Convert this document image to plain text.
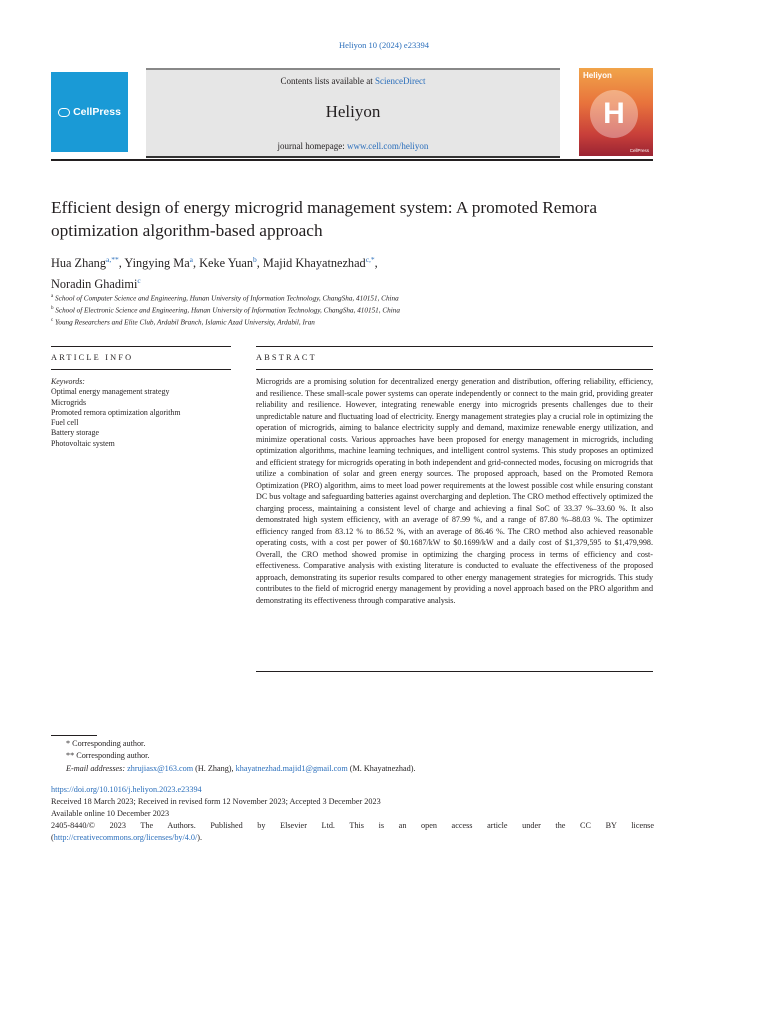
Heliyon 10 (2024) e23394
CellPress
Contents lists available at ScienceDirect
Heliyon
journal homepage: www.cell.com/heliyon
Heliyon
H
CellPress
Efficient design of energy microgrid management system: A promoted Remora optimization algorithm-based approach
Hua Zhang$^{a,**}$, Yingying Ma$^a$, Keke Yuan$^b$, Majid Khayatnezhad$^{c,*}$,
Noradin Ghadimi$^c$
$^a$ School of Computer Science and Engineering, Hunan University of Information Technology, ChangSha, 410151, China
$^b$ School of Electronic Science and Engineering, Hunan University of Information Technology, ChangSha, 410151, China
$^c$ Young Researchers and Elite Club, Ardabil Branch, Islamic Azad University, Ardabil, Iran
ARTICLE INFO
Keywords:
Optimal energy management strategy
Microgrids
Promoted remora optimization algorithm
Fuel cell
Battery storage
Photovoltaic system
ABSTRACT
Microgrids are a promising solution for decentralized energy generation and distribution, offering reliability, efficiency, and resilience. These small-scale power systems can operate independently or connect to the main grid, providing greater reliability and resilience. However, integrating renewable energy into microgrids presents challenges due to their unpredictable nature and fluctuating load of electricity. Energy management strategies play a crucial role in optimizing the operation of microgrids, aiming to balance electricity supply and demand, maximize renewable energy utilization, and minimize operational costs. Various approaches have been proposed for energy management in microgrids, including optimization algorithms, machine learning techniques, and intelligent control systems. This study proposes an optimized and efficient strategy for microgrids operating in both independent and grid-connected modes, focusing on microgrids that utilize a combination of solar and green energy sources. The proposed approach, based on the Promoted Remora Optimization (PRO) algorithm, aims to meet load power requirements at the lowest possible cost while ensuring constant DC bus voltage and safeguarding batteries against overcharging and depletion. The CRO method effectively optimized the charging process, maintaining a consistent level of charge and achieving a final SoC of 33.37 %–33.60 %. It also demonstrated high system efficiency, with an average of 87.99 %, and a range of 87.80 %–88.03 %. The optimizer efficiency ranged from 83.12 % to 86.52 %, with an average of 86.46 %. The CRO method also achieved reasonable operating costs, with a cost per power of $0.1687/kW to $0.1699/kW and a daily cost of $1,379,595 to $1,479,998. Overall, the CRO method showed promise in optimizing the charging process in terms of efficiency and cost-effectiveness. Comparative analysis with existing literature is conducted to evaluate the effectiveness of the proposed approach, demonstrating its superior results compared to other energy management strategies for microgrids. This study contributes to the field of microgrid energy management by providing a novel approach based on the PRO algorithm and demonstrating its effectiveness through comparative analysis.
* Corresponding author.
** Corresponding author.
E-mail addresses: zhrujiasx@163.com (H. Zhang), khayatnezhad.majid1@gmail.com (M. Khayatnezhad).
https://doi.org/10.1016/j.heliyon.2023.e23394
Received 18 March 2023; Received in revised form 12 November 2023; Accepted 3 December 2023
Available online 10 December 2023
2405-8440/© 2023 The Authors. Published by Elsevier Ltd. This is an open access article under the CC BY license
(http://creativecommons.org/licenses/by/4.0/).
